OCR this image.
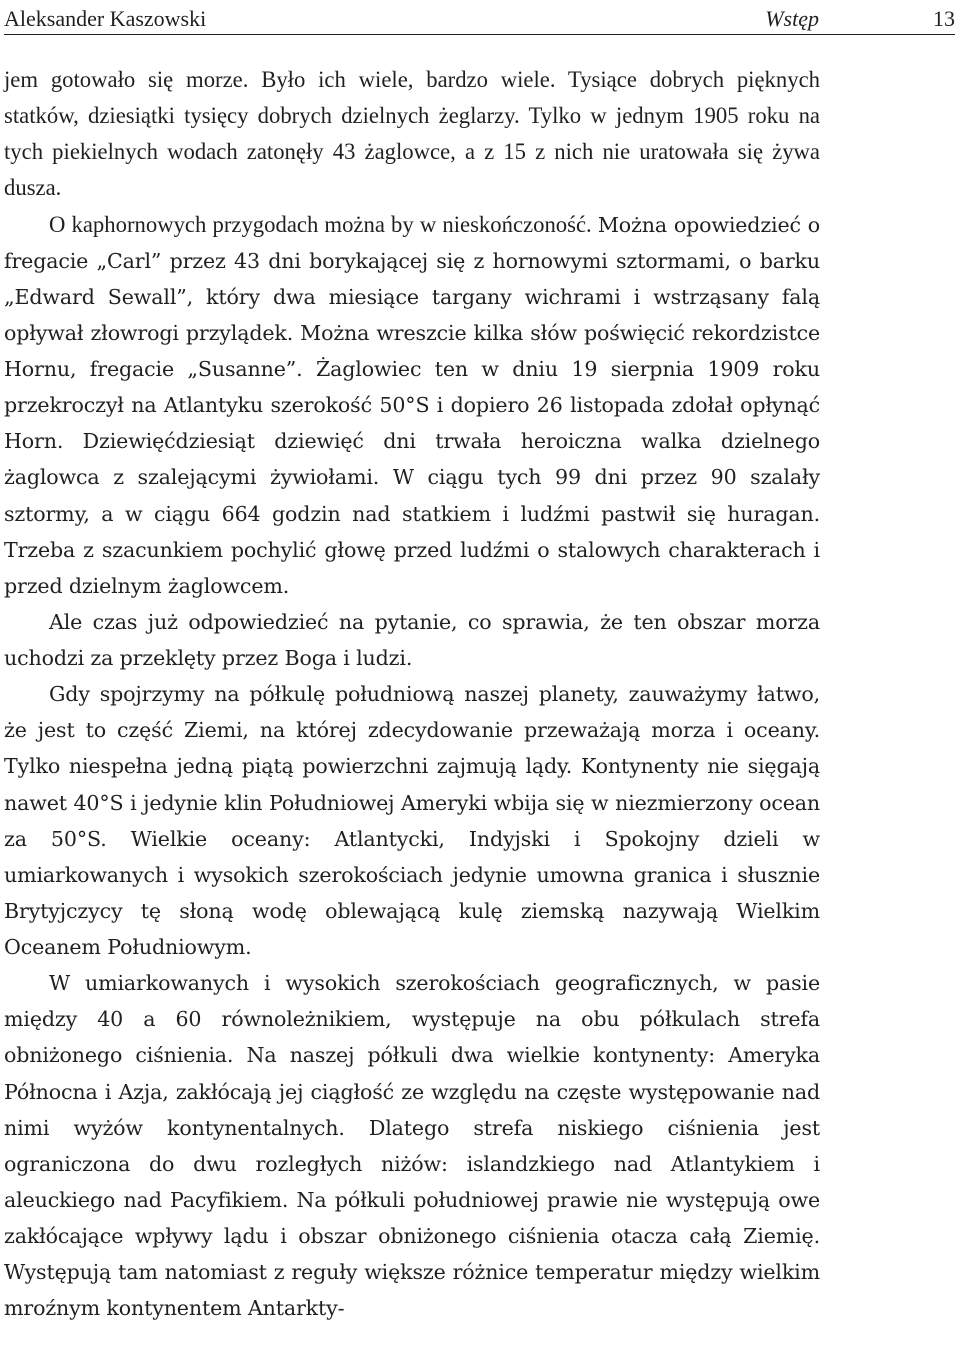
Aleksander Kaszowski	Wstęp	13

jem gotowało się morze. Było ich wiele, bardzo wiele. Tysiące dobrych pięknych statków, dziesiątki tysięcy dobrych dzielnych żeglarzy. Tylko w jednym 1905 roku na tych piekielnych wodach zatonęły 43 żaglowce, a z 15 z nich nie uratowała się żywa dusza.

O kaphornowych przygodach można by w nieskończoność. Można opowiedzieć o fregacie „Carl” przez 43 dni borykającej się z hornowymi sztormami, o barku „Edward Sewall”, który dwa miesiące targany wichrami i wstrząsany falą opływał złowrogi przylądek. Można wreszcie kilka słów poświęcić rekordzistce Hornu, fregacie „Susanne”. Żaglowiec ten w dniu 19 sierpnia 1909 roku przekroczył na Atlantyku szerokość 50°S i dopiero 26 listopada zdołał opłynąć Horn. Dziewięćdziesiąt dziewięć dni trwała heroiczna walka dzielnego żaglowca z szalejącymi żywiołami. W ciągu tych 99 dni przez 90 szalały sztormy, a w ciągu 664 godzin nad statkiem i ludźmi pastwił się huragan. Trzeba z szacunkiem pochylić głowę przed ludźmi o stalowych charakterach i przed dzielnym żaglowcem.

Ale czas już odpowiedzieć na pytanie, co sprawia, że ten obszar morza uchodzi za przeklęty przez Boga i ludzi.

Gdy spojrzymy na półkulę południową naszej planety, zauważymy łatwo, że jest to część Ziemi, na której zdecydowanie przeważają morza i oceany. Tylko niespełna jedną piątą powierzchni zajmują lądy. Kontynenty nie sięgają nawet 40°S i jedynie klin Południowej Ameryki wbija się w niezmierzony ocean za 50°S. Wielkie oceany: Atlantycki, Indyjski i Spokojny dzieli w umiarkowanych i wysokich szerokościach jedynie umowna granica i słusznie Brytyjczycy tę słoną wodę oblewającą kulę ziemską nazywają Wielkim Oceanem Południowym.

W umiarkowanych i wysokich szerokościach geograficznych, w pasie między 40 a 60 równoleżnikiem, występuje na obu półkulach strefa obniżonego ciśnienia. Na naszej półkuli dwa wielkie kontynenty: Ameryka Północna i Azja, zakłócają jej ciągłość ze względu na częste występowanie nad nimi wyżów kontynentalnych. Dlatego strefa niskiego ciśnienia jest ograniczona do dwu rozległych niżów: islandzkiego nad Atlantykiem i aleuckiego nad Pacyfikiem. Na półkuli południowej prawie nie występują owe zakłócające wpływy lądu i obszar obniżonego ciśnienia otacza całą Ziemię. Występują tam natomiast z reguły większe różnice temperatur między wielkim mroźnym kontynentem Antarkty-
